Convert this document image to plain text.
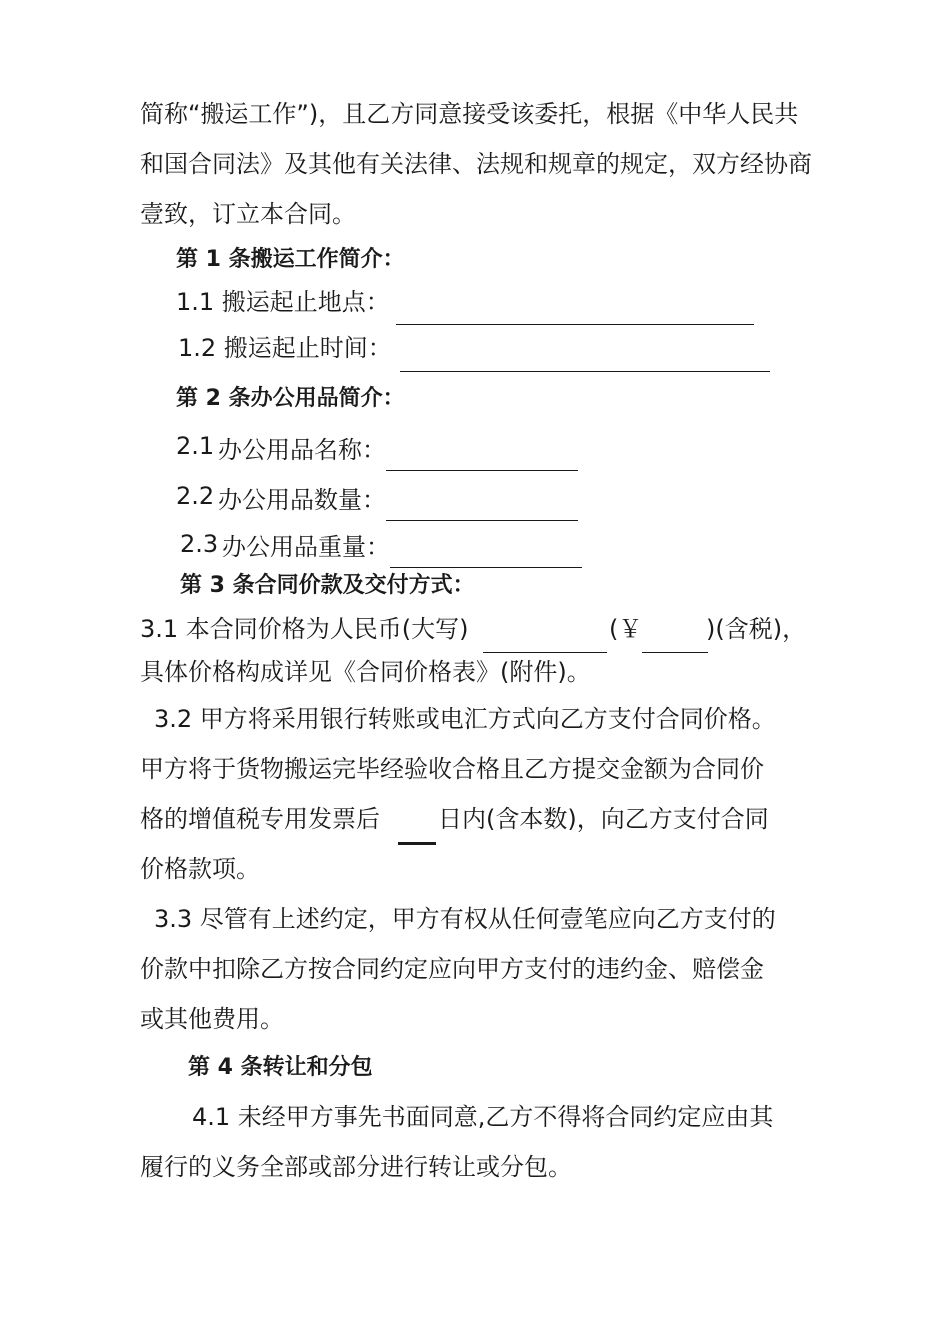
简称“搬运工作”)，且乙方同意接受该委托，根据《中华人民共
和国合同法》及其他有关法律、法规和规章的规定，双方经协商
壹致，订立本合同。
第 1 条搬运工作简介：
1.1 搬运起止地点：
1.2 搬运起止时间：
第 2 条办公用品简介：
2.1 办公用品名称：
2.2 办公用品数量：
2.3 办公用品重量：
第 3 条合同价款及交付方式：
3.1 本合同价格为人民币(大写)	(￥	)(含税)，
具体价格构成详见《合同价格表》(附件)。
3.2 甲方将采用银行转账或电汇方式向乙方支付合同价格。
甲方将于货物搬运完毕经验收合格且乙方提交金额为合同价
格的增值税专用发票后 日内(含本数)，向乙方支付合同
价格款项。
3.3 尽管有上述约定，甲方有权从任何壹笔应向乙方支付的
价款中扣除乙方按合同约定应向甲方支付的违约金、赔偿金
或其他费用。
第 4 条转让和分包
4.1 未经甲方事先书面同意,乙方不得将合同约定应由其
履行的义务全部或部分进行转让或分包。
